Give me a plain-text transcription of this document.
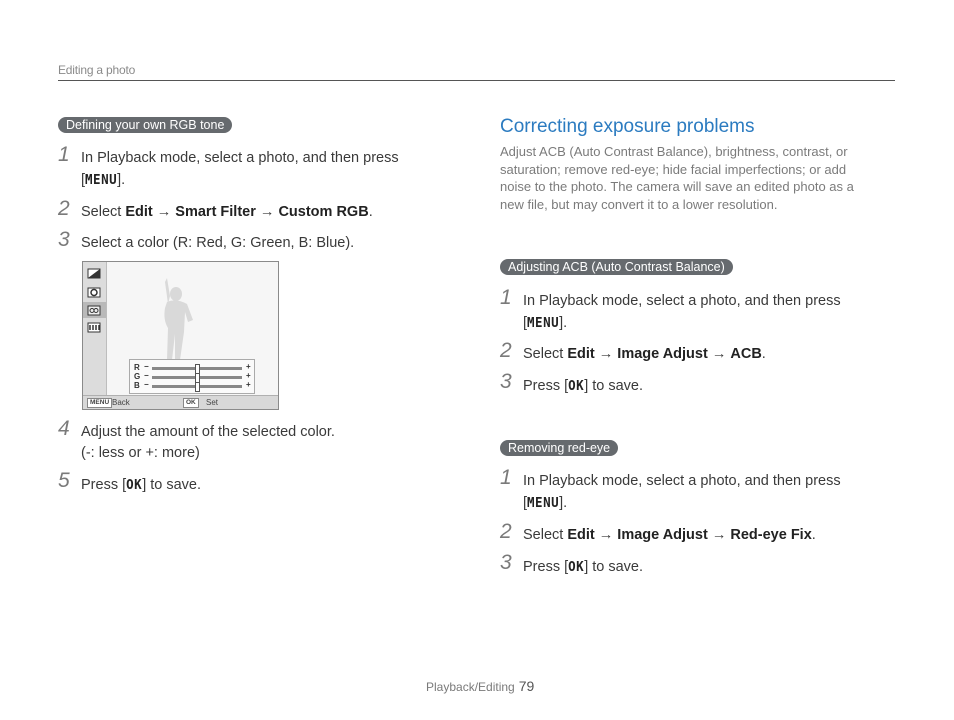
Editing a photo
Defining your own RGB tone
1 In Playback mode, select a photo, and then press
[MENU].
2 Select Edit → Smart Filter → Custom RGB.
3 Select a color (R: Red, G: Green, B: Blue).
R −	+
G −	+
B −	+
MENU Back	OK	Set
4 Adjust the amount of the selected color.
(-: less or +: more)
5 Press [OK] to save.
Correcting exposure problems
Adjust ACB (Auto Contrast Balance), brightness, contrast, or saturation; remove red-eye; hide facial imperfections; or add noise to the photo. The camera will save an edited photo as a new file, but may convert it to a lower resolution.
Adjusting ACB (Auto Contrast Balance)
1 In Playback mode, select a photo, and then press
[MENU].
2 Select Edit → Image Adjust → ACB.
3 Press [OK] to save.
Removing red-eye
1 In Playback mode, select a photo, and then press
[MENU].
2 Select Edit → Image Adjust → Red-eye Fix.
3 Press [OK] to save.
Playback/Editing 79
